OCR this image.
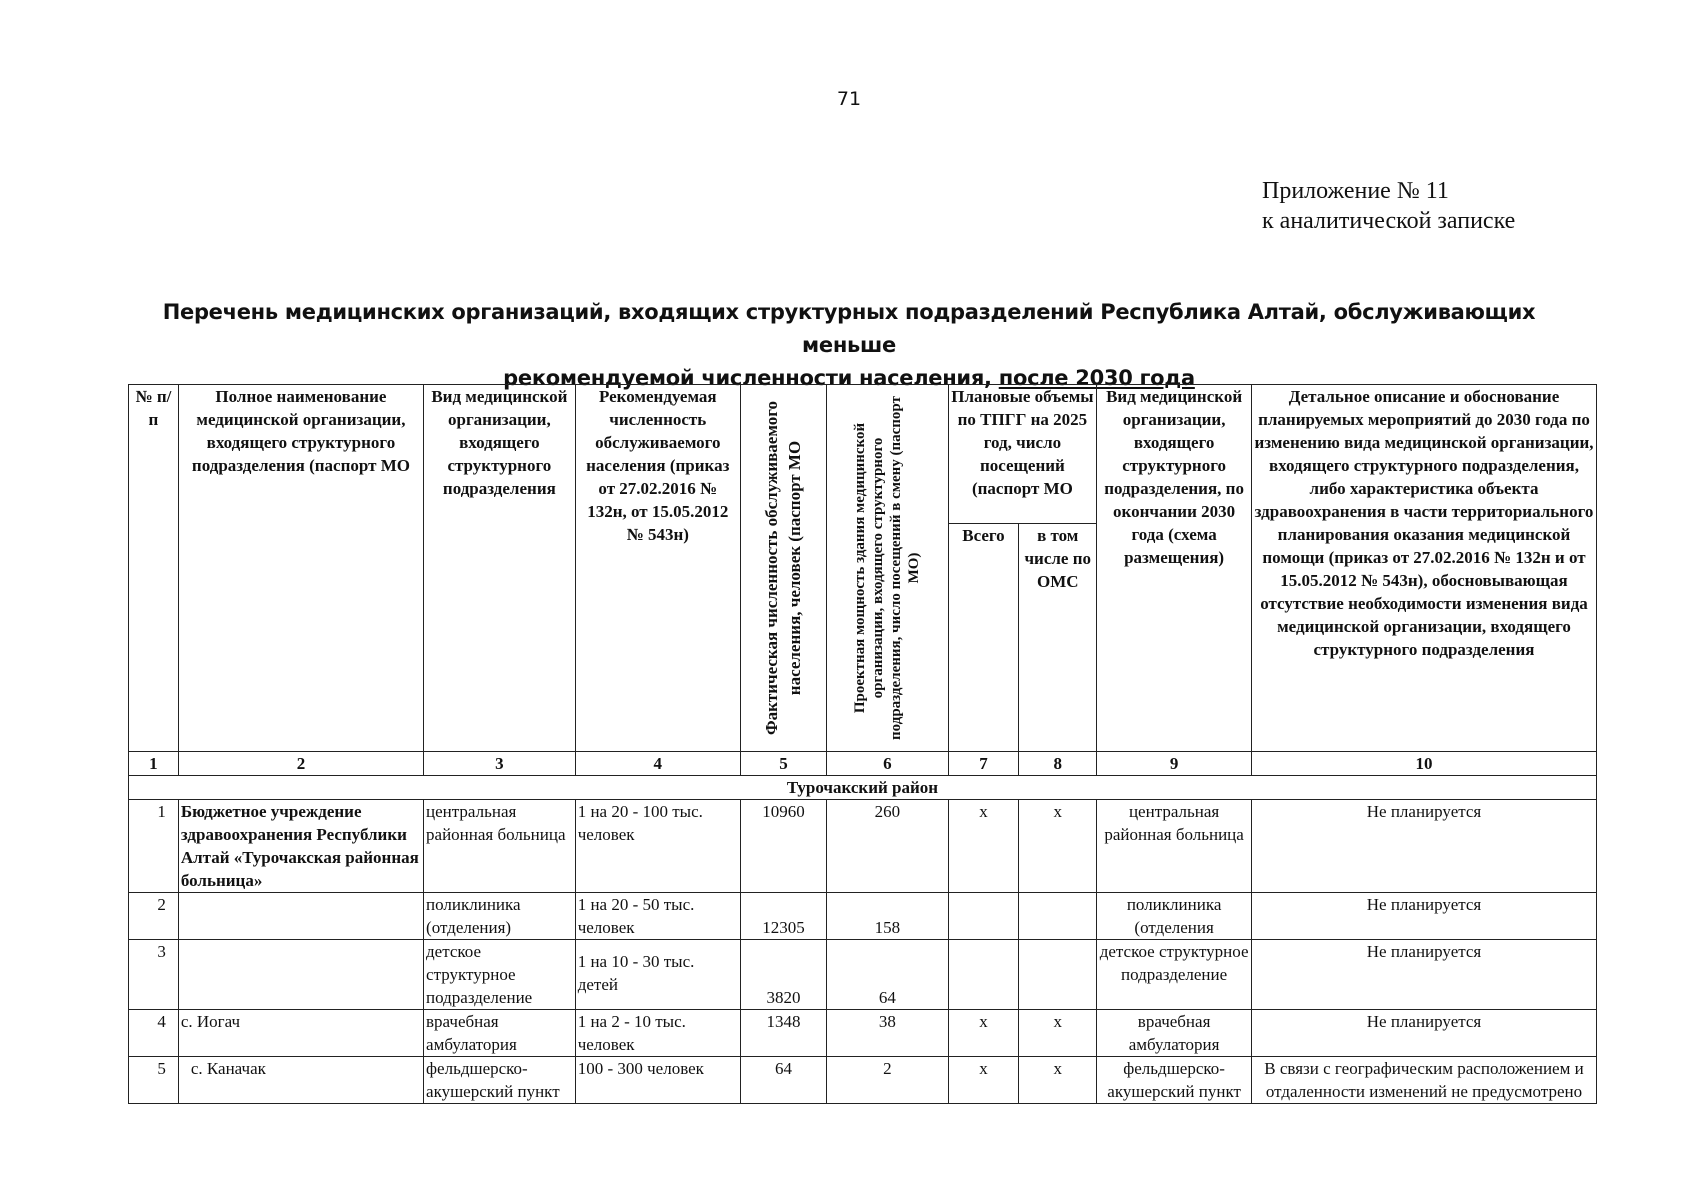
71
Приложение № 11
к аналитической записке
Перечень медицинских организаций, входящих структурных подразделений Республика Алтай, обслуживающих меньше
рекомендуемой численности населения, после 2030 года
№ п/п	Полное наименование медицинской организации, входящего структурного подразделения (паспорт МО	Вид медицинской организации, входящего структурного подразделения	Рекомендуемая численность обслуживаемого населения (приказ от 27.02.2016 № 132н, от 15.05.2012 № 543н)	Фактическая численность обслуживаемого населения, человек (паспорт МО	Проектная мощность здания медицинской организации, входящего структурного подразделения, число посещений в смену (паспорт МО)	Плановые объемы по ТПГГ на 2025 год, число посещений (паспорт МО		Вид медицинской организации, входящего структурного подразделения, по окончании 2030 года (схема размещения)	Детальное описание и обоснование планируемых мероприятий до 2030 года по изменению вида медицинской организации, входящего структурного подразделения, либо характеристика объекта здравоохранения в части территориального планирования оказания медицинской помощи (приказ от 27.02.2016 № 132н и от 15.05.2012 № 543н), обосновывающая отсутствие необходимости изменения вида медицинской организации, входящего структурного подразделения
						Всего	в том числе по ОМС		
1	2	3	4	5	6	7	8	9	10
Турочакский район									
1	Бюджетное учреждение здравоохранения Республики Алтай «Турочакская районная больница»	центральная районная больница	1 на 20 - 100 тыс. человек	10960	260	х	х	центральная районная больница	Не планируется
2		поликлиника (отделения)	1 на 20 - 50 тыс. человек	12305	158			поликлиника (отделения	Не планируется
3		детское структурное подразделение	1 на 10 - 30 тыс. детей	3820	64			детское структурное подразделение	Не планируется
4	с. Иогач	врачебная амбулатория	1 на 2 - 10 тыс. человек	1348	38	х	х	врачебная амбулатория	Не планируется
5	с. Каначак	фельдшерско-акушерский пункт	100 - 300 человек	64	2	х	х	фельдшерско-акушерский пункт	В связи с географическим расположением и отдаленности изменений не предусмотрено
